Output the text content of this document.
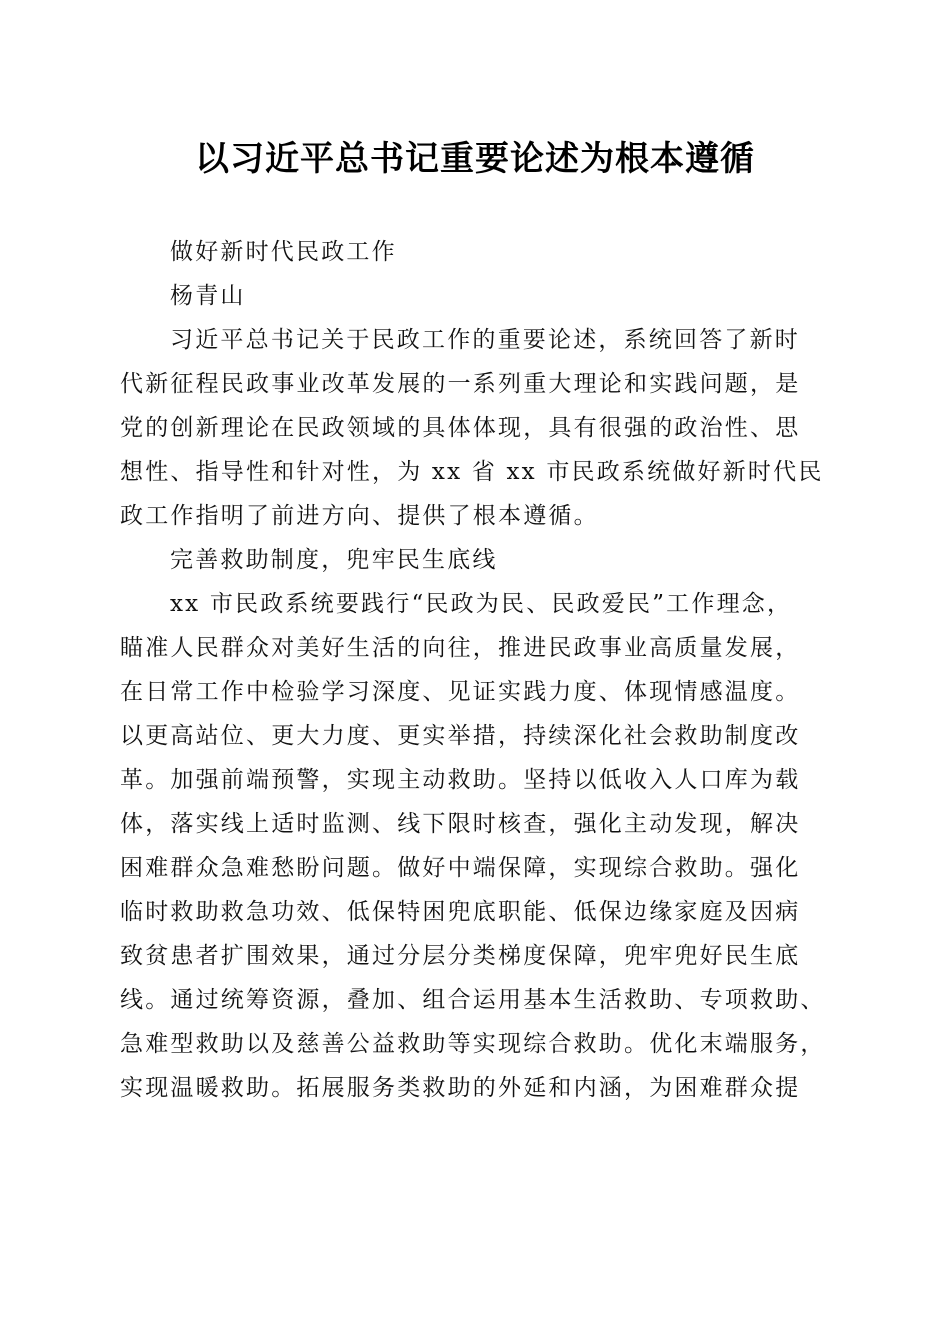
以习近平总书记重要论述为根本遵循
做好新时代民政工作
杨青山
习近平总书记关于民政工作的重要论述，系统回答了新时
代新征程民政事业改革发展的一系列重大理论和实践问题，是
党的创新理论在民政领域的具体体现，具有很强的政治性、思
想性、指导性和针对性，为 xx 省 xx 市民政系统做好新时代民
政工作指明了前进方向、提供了根本遵循。
完善救助制度，兜牢民生底线
xx 市民政系统要践行“民政为民、民政爱民”工作理念，
瞄准人民群众对美好生活的向往，推进民政事业高质量发展，
在日常工作中检验学习深度、见证实践力度、体现情感温度。
以更高站位、更大力度、更实举措，持续深化社会救助制度改
革。加强前端预警，实现主动救助。坚持以低收入人口库为载
体，落实线上适时监测、线下限时核查，强化主动发现，解决
困难群众急难愁盼问题。做好中端保障，实现综合救助。强化
临时救助救急功效、低保特困兜底职能、低保边缘家庭及因病
致贫患者扩围效果，通过分层分类梯度保障，兜牢兜好民生底
线。通过统筹资源，叠加、组合运用基本生活救助、专项救助、
急难型救助以及慈善公益救助等实现综合救助。优化末端服务，
实现温暖救助。拓展服务类救助的外延和内涵，为困难群众提
